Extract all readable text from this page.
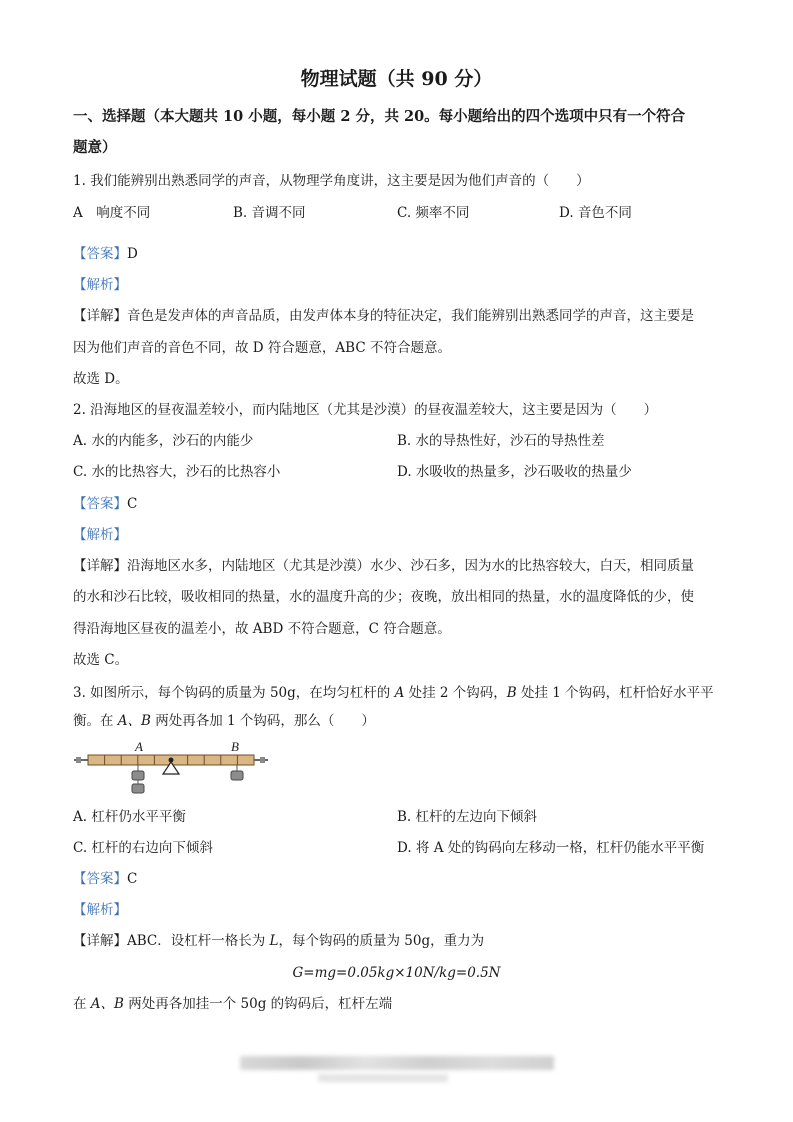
物理试题（共 90 分）
一、选择题（本大题共 10 小题，每小题 2 分，共 20。每小题给出的四个选项中只有一个符合
题意）
1. 我们能辨别出熟悉同学的声音，从物理学角度讲，这主要是因为他们声音的（　　）
A　响度不同	B. 音调不同	C. 频率不同	D. 音色不同
【答案】D
【解析】
【详解】音色是发声体的声音品质，由发声体本身的特征决定，我们能辨别出熟悉同学的声音，这主要是
因为他们声音的音色不同，故 D 符合题意，ABC 不符合题意。
故选 D。
2. 沿海地区的昼夜温差较小，而内陆地区（尤其是沙漠）的昼夜温差较大，这主要是因为（　　）
A. 水的内能多，沙石的内能少	B. 水的导热性好，沙石的导热性差
C. 水的比热容大，沙石的比热容小	D. 水吸收的热量多，沙石吸收的热量少
【答案】C
【解析】
【详解】沿海地区水多，内陆地区（尤其是沙漠）水少、沙石多，因为水的比热容较大，白天，相同质量
的水和沙石比较，吸收相同的热量，水的温度升高的少；夜晚，放出相同的热量，水的温度降低的少，使
得沿海地区昼夜的温差小，故 ABD 不符合题意，C 符合题意。
故选 C。
3. 如图所示，每个钩码的质量为 50g，在均匀杠杆的 A 处挂 2 个钩码，B 处挂 1 个钩码，杠杆恰好水平平
衡。在 A、B 两处再各加 1 个钩码，那么（　　）
A	B
A. 杠杆仍水平平衡	B. 杠杆的左边向下倾斜
C. 杠杆的右边向下倾斜	D. 将 A 处的钩码向左移动一格，杠杆仍能水平平衡
【答案】C
【解析】
【详解】ABC．设杠杆一格长为 L，每个钩码的质量为 50g，重力为
G=mg=0.05kg×10N/kg=0.5N
在 A、B 两处再各加挂一个 50g 的钩码后，杠杆左端
